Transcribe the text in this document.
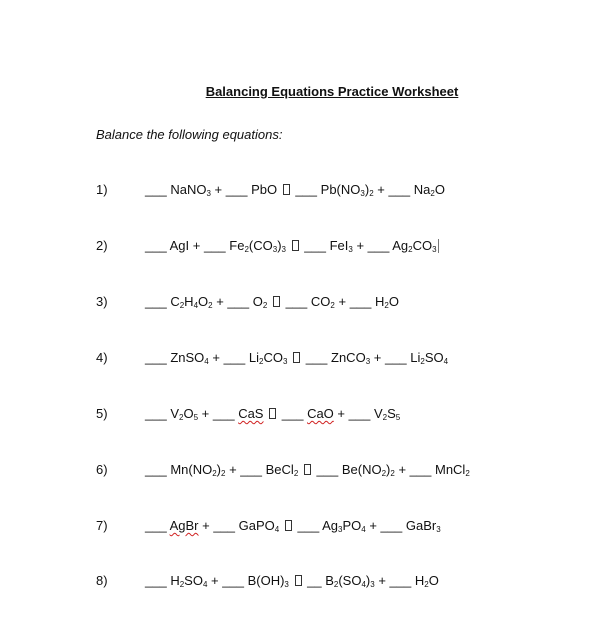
Balancing Equations Practice Worksheet
Balance the following equations:
1)	___ NaNO$_3$ + ___ PbO ___ $Pb(NO_3)_2$ + ___ $Na_2O$
2)	___ AgI + ___ $Fe_2(CO_3)_3$ ___ FeI$_3$ + ___ $Ag_2CO_3$
3)	___ $C_2H_4O_2$ + ___ $O_2$ ___ $CO_2$ + ___ $H_2O$
4)	___ ZnSO$_4$ + ___ $Li_2CO_3$ ___ ZnCO$_3$ + ___ $Li_2SO_4$
5)	___ $V_2O_5$ + ___ CaS ___ CaO + ___ $V_2S_5$
6)	___ $Mn(NO_2)_2$ + ___ BeCl$_2$ ___ $Be(NO_2)_2$ + ___ MnCl$_2$
7)	___ AgBr + ___ GaPO$_4$ ___ $Ag_3PO_4$ + ___ GaBr$_3$
8)	___ $H_2SO_4$ + ___ $B(OH)_3$ __ $B_2(SO_4)_3$ + ___ $H_2O$
